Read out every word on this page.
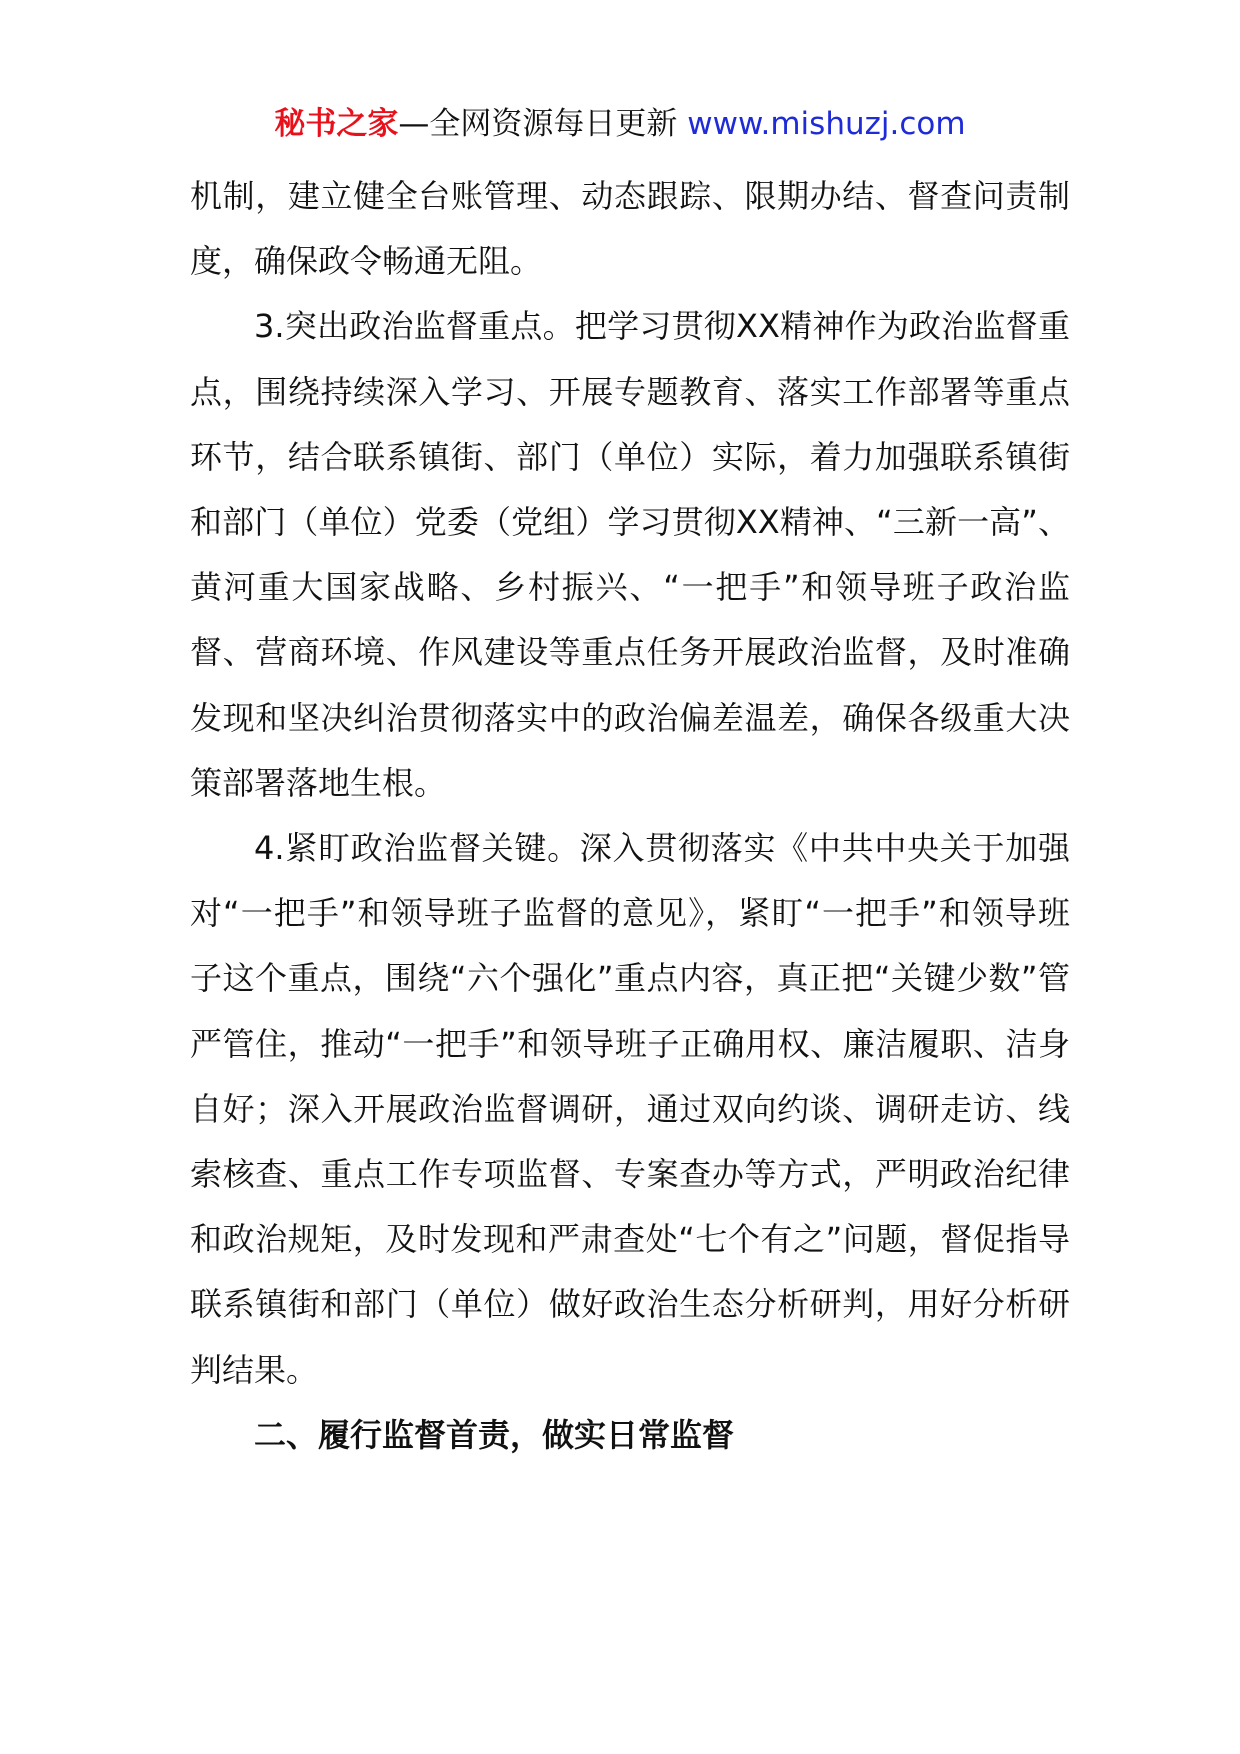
秘书之家—全网资源每日更新 www.mishuzj.com

机制，建立健全台账管理、动态跟踪、限期办结、督查问责制度，确保政令畅通无阻。

3.突出政治监督重点。把学习贯彻XX精神作为政治监督重点，围绕持续深入学习、开展专题教育、落实工作部署等重点环节，结合联系镇街、部门（单位）实际，着力加强联系镇街和部门（单位）党委（党组）学习贯彻XX精神、“三新一高”、黄河重大国家战略、乡村振兴、“一把手”和领导班子政治监督、营商环境、作风建设等重点任务开展政治监督，及时准确发现和坚决纠治贯彻落实中的政治偏差温差，确保各级重大决策部署落地生根。

4.紧盯政治监督关键。深入贯彻落实《中共中央关于加强对“一把手”和领导班子监督的意见》，紧盯“一把手”和领导班子这个重点，围绕“六个强化”重点内容，真正把“关键少数”管严管住，推动“一把手”和领导班子正确用权、廉洁履职、洁身自好；深入开展政治监督调研，通过双向约谈、调研走访、线索核查、重点工作专项监督、专案查办等方式，严明政治纪律和政治规矩，及时发现和严肃查处“七个有之”问题，督促指导联系镇街和部门（单位）做好政治生态分析研判，用好分析研判结果。

二、履行监督首责，做实日常监督
